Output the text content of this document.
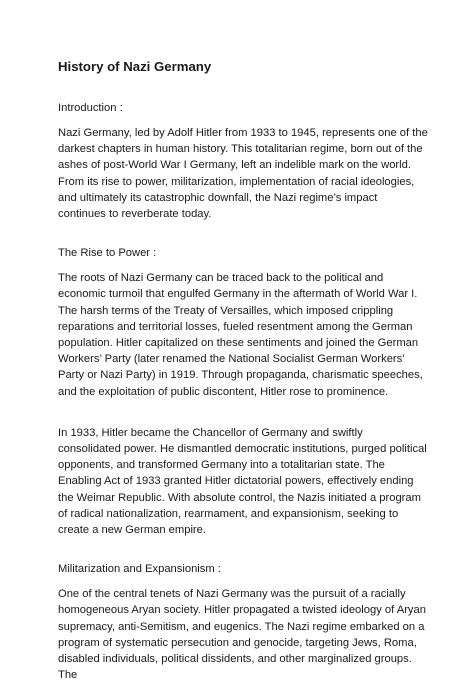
History of Nazi Germany

Introduction :

Nazi Germany, led by Adolf Hitler from 1933 to 1945, represents one of the darkest chapters in human history. This totalitarian regime, born out of the ashes of post-World War I Germany, left an indelible mark on the world. From its rise to power, militarization, implementation of racial ideologies, and ultimately its catastrophic downfall, the Nazi regime’s impact continues to reverberate today.

The Rise to Power :

The roots of Nazi Germany can be traced back to the political and economic turmoil that engulfed Germany in the aftermath of World War I. The harsh terms of the Treaty of Versailles, which imposed crippling reparations and territorial losses, fueled resentment among the German population. Hitler capitalized on these sentiments and joined the German Workers’ Party (later renamed the National Socialist German Workers’ Party or Nazi Party) in 1919. Through propaganda, charismatic speeches, and the exploitation of public discontent, Hitler rose to prominence.

In 1933, Hitler became the Chancellor of Germany and swiftly consolidated power. He dismantled democratic institutions, purged political opponents, and transformed Germany into a totalitarian state. The Enabling Act of 1933 granted Hitler dictatorial powers, effectively ending the Weimar Republic. With absolute control, the Nazis initiated a program of radical nationalization, rearmament, and expansionism, seeking to create a new German empire.

Militarization and Expansionism :

One of the central tenets of Nazi Germany was the pursuit of a racially homogeneous Aryan society. Hitler propagated a twisted ideology of Aryan supremacy, anti-Semitism, and eugenics. The Nazi regime embarked on a program of systematic persecution and genocide, targeting Jews, Roma, disabled individuals, political dissidents, and other marginalized groups. The
